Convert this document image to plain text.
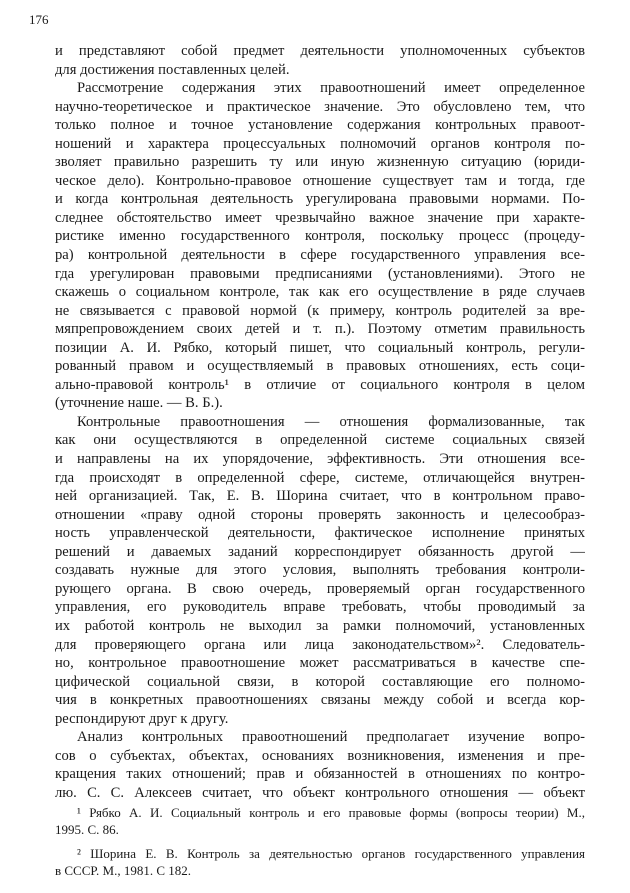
176
и представляют собой предмет деятельности уполномоченных субъектов
для достижения поставленных целей.
Рассмотрение содержания этих правоотношений имеет определенное
научно-теоретическое и практическое значение. Это обусловлено тем, что
только полное и точное установление содержания контрольных правоот-
ношений и характера процессуальных полномочий органов контроля по-
зволяет правильно разрешить ту или иную жизненную ситуацию (юриди-
ческое дело). Контрольно-правовое отношение существует там и тогда, где
и когда контрольная деятельность урегулирована правовыми нормами. По-
следнее обстоятельство имеет чрезвычайно важное значение при характе-
ристике именно государственного контроля, поскольку процесс (процеду-
ра) контрольной деятельности в сфере государственного управления все-
гда урегулирован правовыми предписаниями (установлениями). Этого не
скажешь о социальном контроле, так как его осуществление в ряде случаев
не связывается с правовой нормой (к примеру, контроль родителей за вре-
мяпрепровождением своих детей и т. п.). Поэтому отметим правильность
позиции А. И. Рябко, который пишет, что социальный контроль, регули-
рованный правом и осуществляемый в правовых отношениях, есть соци-
ально-правовой контроль¹ в отличие от социального контроля в целом
(уточнение наше. — В. Б.).
Контрольные правоотношения — отношения формализованные, так
как они осуществляются в определенной системе социальных связей
и направлены на их упорядочение, эффективность. Эти отношения все-
гда происходят в определенной сфере, системе, отличающейся внутрен-
ней организацией. Так, Е. В. Шорина считает, что в контрольном право-
отношении «праву одной стороны проверять законность и целесообраз-
ность управленческой деятельности, фактическое исполнение принятых
решений и даваемых заданий корреспондирует обязанность другой —
создавать нужные для этого условия, выполнять требования контроли-
рующего органа. В свою очередь, проверяемый орган государственного
управления, его руководитель вправе требовать, чтобы проводимый за
их работой контроль не выходил за рамки полномочий, установленных
для проверяющего органа или лица законодательством»². Следователь-
но, контрольное правоотношение может рассматриваться в качестве спе-
цифической социальной связи, в которой составляющие его полномо-
чия в конкретных правоотношениях связаны между собой и всегда кор-
респондируют друг к другу.
Анализ контрольных правоотношений предполагает изучение вопро-
сов о субъектах, объектах, основаниях возникновения, изменения и пре-
кращения таких отношений; прав и обязанностей в отношениях по контро-
лю. С. С. Алексеев считает, что объект контрольного отношения — объект
¹ Рябко А. И. Социальный контроль и его правовые формы (вопросы теории) М.,
1995. С. 86.
² Шорина Е. В. Контроль за деятельностью органов государственного управления
в СССР. М., 1981. С 182.
